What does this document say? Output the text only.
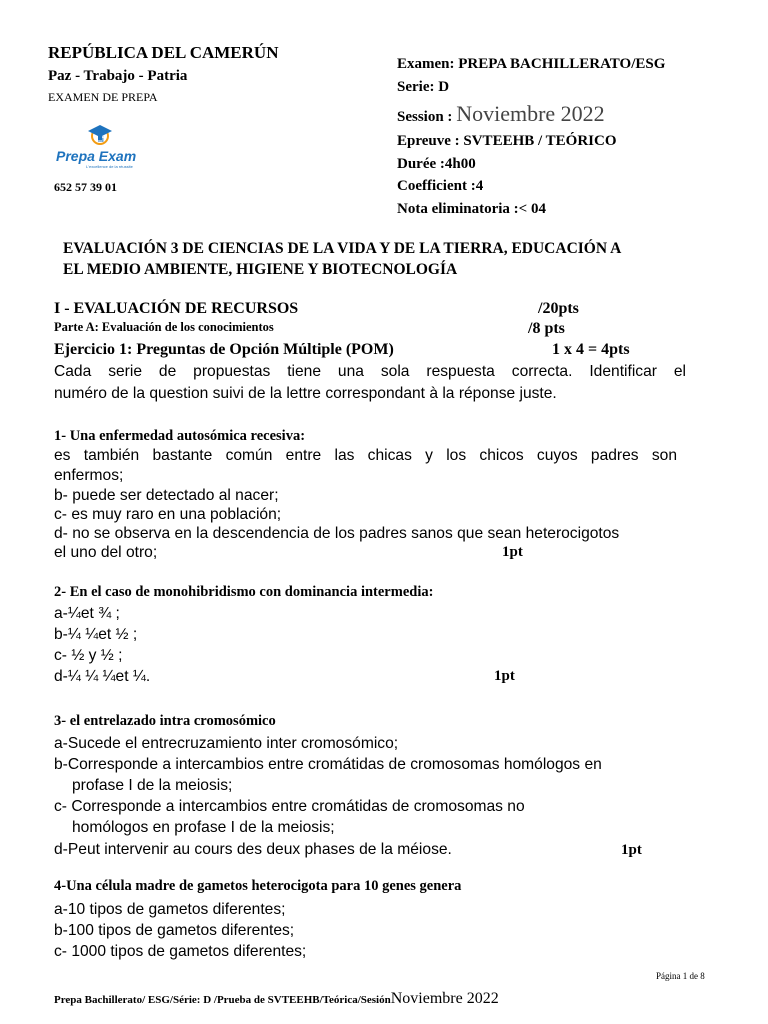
REPÚBLICA DEL CAMERÚN
Paz - Trabajo - Patria
EXAMEN DE PREPA
iii
Prepa Exam
L'excellence de la réussite
652 57 39 01
Examen: PREPA BACHILLERATO/ESG
Serie: D
Session : Noviembre 2022
Epreuve : SVTEEHB / TEÓRICO
Durée :4h00
Coefficient :4
Nota eliminatoria :< 04
EVALUACIÓN 3 DE CIENCIAS DE LA VIDA Y DE LA TIERRA, EDUCACIÓN A
EL MEDIO AMBIENTE, HIGIENE Y BIOTECNOLOGÍA
I - EVALUACIÓN DE RECURSOS	/20pts
Parte A: Evaluación de los conocimientos	/8 pts
Ejercicio 1: Preguntas de Opción Múltiple (POM)	1 x 4 = 4pts
Cada serie de propuestas tiene una sola respuesta correcta. Identificar el
numéro de la question suivi de la lettre correspondant à la réponse juste.
1- Una enfermedad autosómica recesiva:
es también bastante común entre las chicas y los chicos cuyos padres son
enfermos;
b- puede ser detectado al nacer;
c- es muy raro en una población;
d- no se observa en la descendencia de los padres sanos que sean heterocigotos
el uno del otro;	1pt
2- En el caso de monohibridismo con dominancia intermedia:
a-¼et ¾ ;
b-¼ ¼et ½ ;
c- ½ y ½ ;
d-¼ ¼ ¼et ¼.	1pt
3- el entrelazado intra cromosómico
a-Sucede el entrecruzamiento inter cromosómico;
b-Corresponde a intercambios entre cromátidas de cromosomas homólogos en
profase I de la meiosis;
c- Corresponde a intercambios entre cromátidas de cromosomas no
homólogos en profase I de la meiosis;
d-Peut intervenir au cours des deux phases de la méiose.	1pt
4-Una célula madre de gametos heterocigota para 10 genes genera
a-10 tipos de gametos diferentes;
b-100 tipos de gametos diferentes;
c- 1000 tipos de gametos diferentes;
Página 1 de 8
Prepa Bachillerato/ ESG/Série: D /Prueba de SVTEEHB/Teórica/SesiónNoviembre 2022
